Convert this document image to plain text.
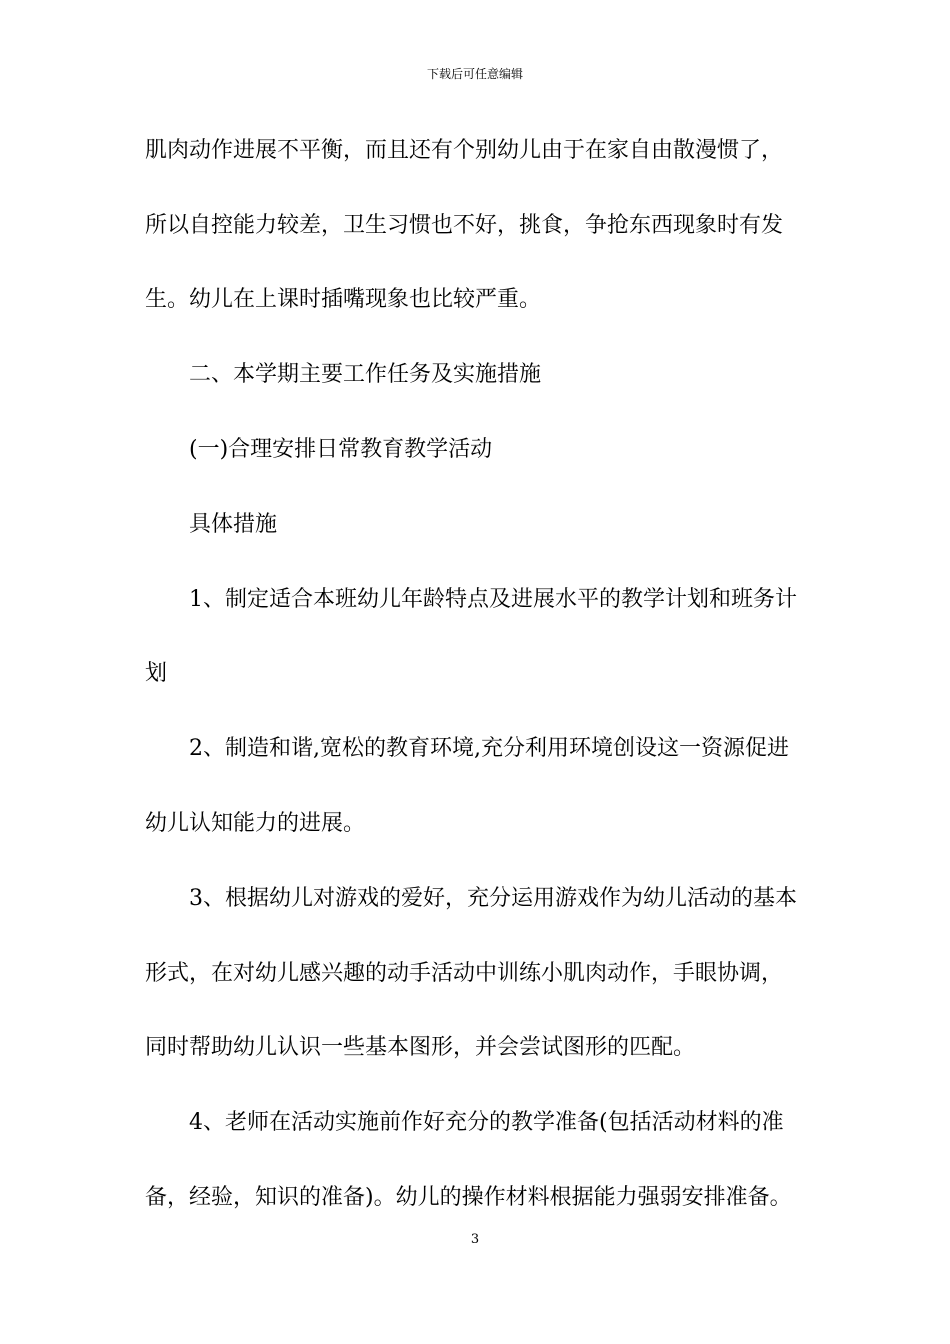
下载后可任意编辑
肌肉动作进展不平衡，而且还有个别幼儿由于在家自由散漫惯了，
所以自控能力较差，卫生习惯也不好，挑食，争抢东西现象时有发
生。幼儿在上课时插嘴现象也比较严重。
二、本学期主要工作任务及实施措施
(一)合理安排日常教育教学活动
具体措施
1、制定适合本班幼儿年龄特点及进展水平的教学计划和班务计
划
2、制造和谐,宽松的教育环境,充分利用环境创设这一资源促进
幼儿认知能力的进展。
3、根据幼儿对游戏的爱好，充分运用游戏作为幼儿活动的基本
形式，在对幼儿感兴趣的动手活动中训练小肌肉动作，手眼协调，
同时帮助幼儿认识一些基本图形，并会尝试图形的匹配。
4、老师在活动实施前作好充分的教学准备(包括活动材料的准
备，经验，知识的准备)。幼儿的操作材料根据能力强弱安排准备。
3
